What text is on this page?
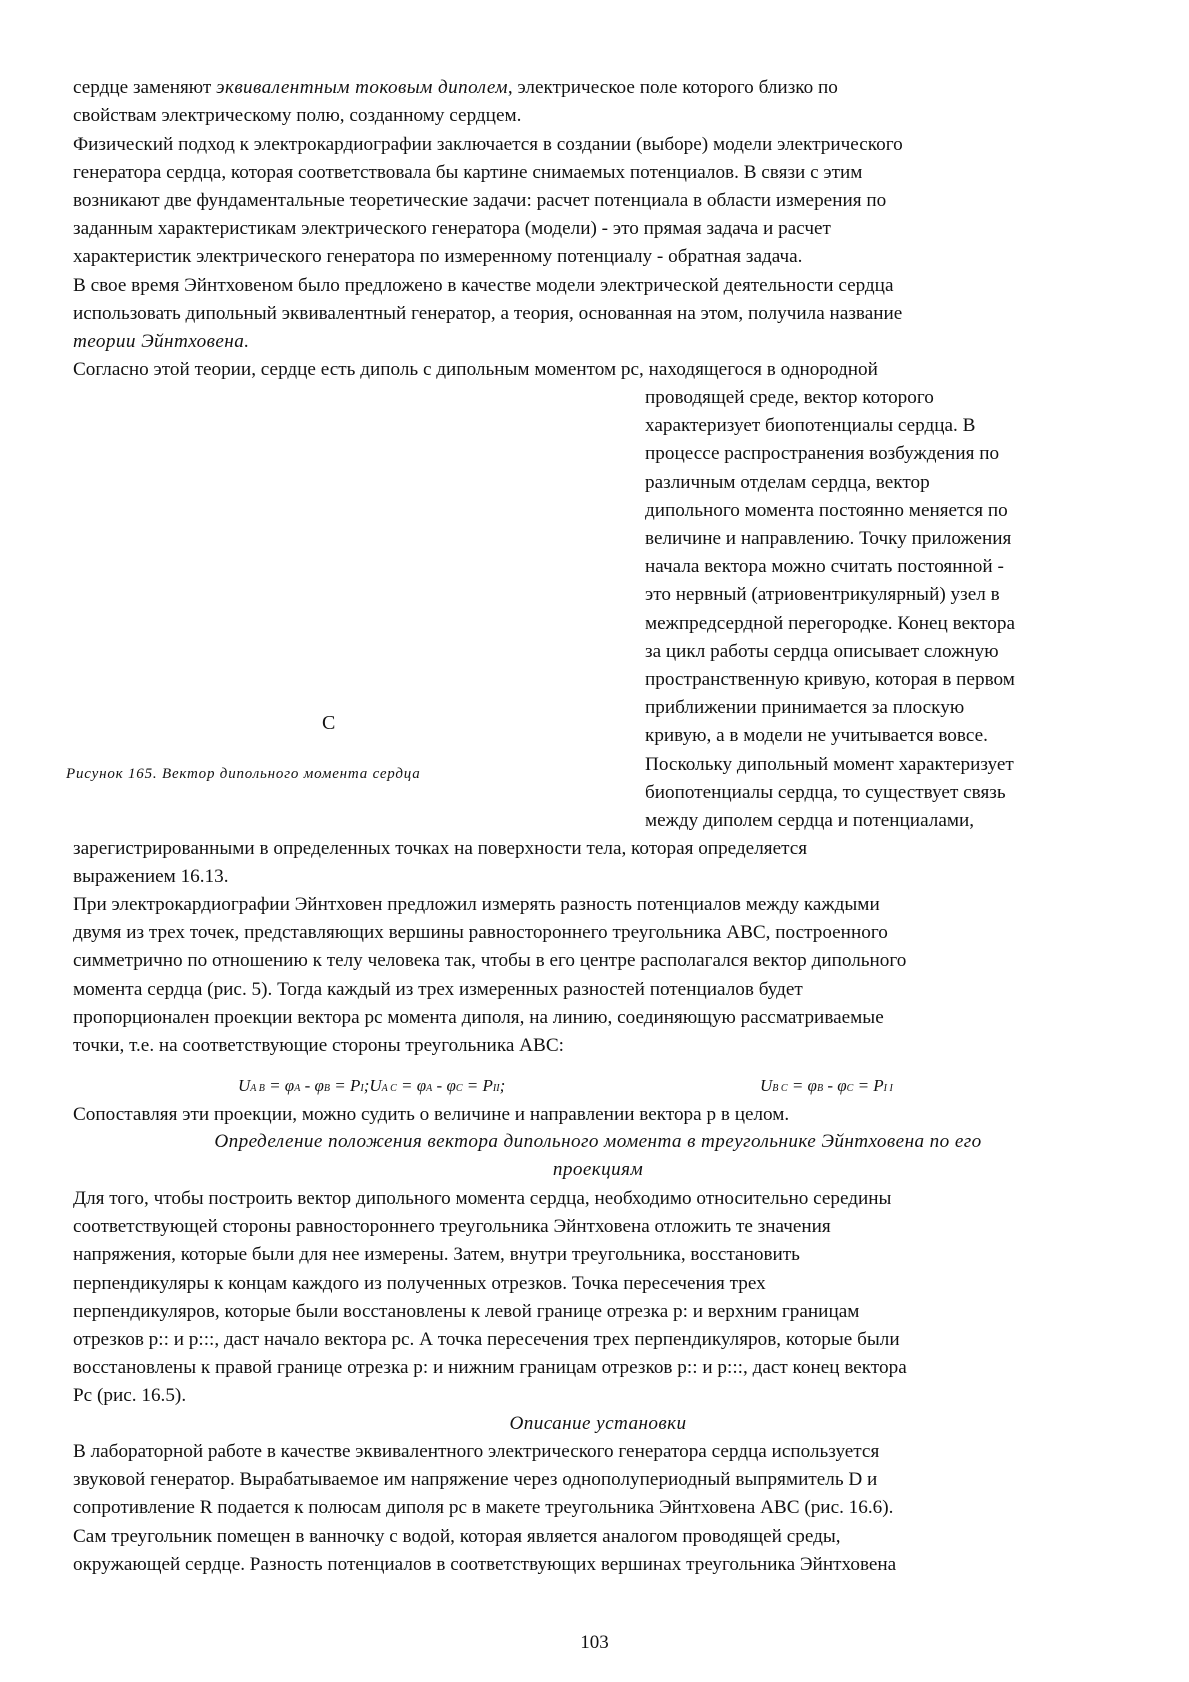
сердце заменяют эквивалентным токовым диполем, электрическое поле которого близко по
свойствам электрическому полю, созданному сердцем.
Физический подход к электрокардиографии заключается в создании (выборе) модели электрического
генератора сердца, которая соответствовала бы картине снимаемых потенциалов. В связи с этим
возникают две фундаментальные теоретические задачи: расчет потенциала в области измерения по
заданным характеристикам электрического генератора (модели) - это прямая задача и расчет
характеристик электрического генератора по измеренному потенциалу - обратная задача.
В свое время Эйнтховеном было предложено в качестве модели электрической деятельности сердца
использовать дипольный эквивалентный генератор, а теория, основанная на этом, получила название
теории Эйнтховена.
Согласно этой теории, сердце есть диполь с дипольным моментом pc, находящегося в однородной
проводящей среде, вектор которого
характеризует биопотенциалы сердца. В
процессе распространения возбуждения по
различным отделам сердца, вектор
дипольного момента постоянно меняется по
величине и направлению. Точку приложения
начала вектора можно считать постоянной -
это нервный (атриовентрикулярный) узел в
межпредсердной перегородке. Конец вектора
за цикл работы сердца описывает сложную
пространственную кривую, которая в первом
приближении принимается за плоскую
кривую, а в модели не учитывается вовсе.
Поскольку дипольный момент характеризует
биопотенциалы сердца, то существует связь
между диполем сердца и потенциалами,
C
Рисунок 165. Вектор дипольного момента сердца
зарегистрированными в определенных точках на поверхности тела, которая определяется
выражением 16.13.
При электрокардиографии Эйнтховен предложил измерять разность потенциалов между каждыми
двумя из трех точек, представляющих вершины равностороннего треугольника ABC, построенного
симметрично по отношению к телу человека так, чтобы в его центре располагался вектор дипольного
момента сердца (рис. 5). Тогда каждый из трех измеренных разностей потенциалов будет
пропорционален проекции вектора pc момента диполя, на линию, соединяющую рассматриваемые
точки, т.е. на соответствующие стороны треугольника ABC:
UA B = φA - φB = PI;UA C = φA - φC = PII;	UB C = φB - φC = PI I
Сопоставляя эти проекции, можно судить о величине и направлении вектора p в целом.
Определение положения вектора дипольного момента в треугольнике Эйнтховена по его
проекциям
Для того, чтобы построить вектор дипольного момента сердца, необходимо относительно середины
соответствующей стороны равностороннего треугольника Эйнтховена отложить те значения
напряжения, которые были для нее измерены. Затем, внутри треугольника, восстановить
перпендикуляры к концам каждого из полученных отрезков. Точка пересечения трех
перпендикуляров, которые были восстановлены к левой границе отрезка p: и верхним границам
отрезков p:: и p:::, даст начало вектора pc. А точка пересечения трех перпендикуляров, которые были
восстановлены к правой границе отрезка p: и нижним границам отрезков p:: и p:::, даст конец вектора
Pc (рис. 16.5).
Описание установки
В лабораторной работе в качестве эквивалентного электрического генератора сердца используется
звуковой генератор. Вырабатываемое им напряжение через однополупериодный выпрямитель D и
сопротивление R подается к полюсам диполя pc в макете треугольника Эйнтховена ABC (рис. 16.6).
Сам треугольник помещен в ванночку с водой, которая является аналогом проводящей среды,
окружающей сердце. Разность потенциалов в соответствующих вершинах треугольника Эйнтховена
103
